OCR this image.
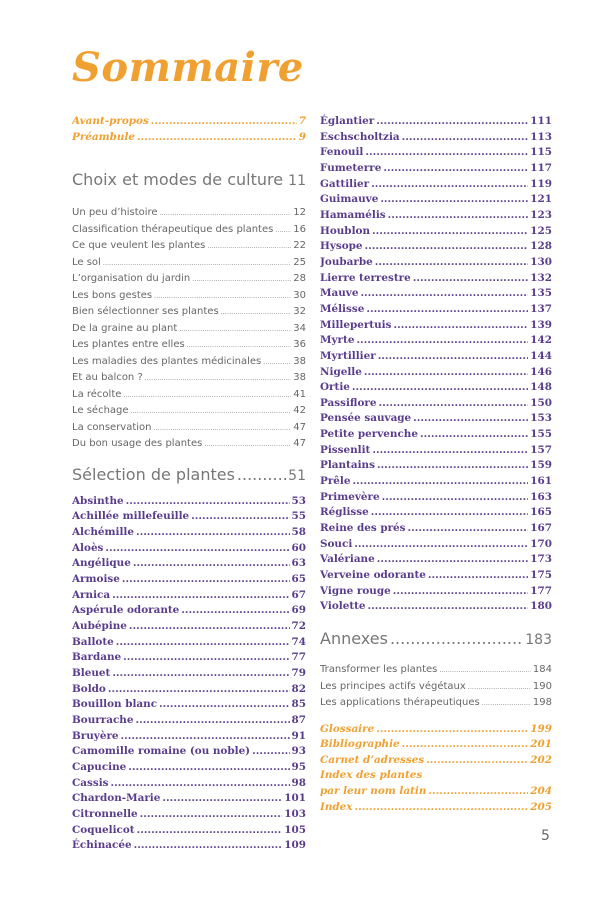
Sommaire
Avant-propos .....	7
Préambule .....	9
Choix et modes de culture ..... 11
Un peu d’histoire .....	12
Classification thérapeutique des plantes ..... 16
Ce que veulent les plantes .....	22
Le sol .....	25
L’organisation du jardin .....	28
Les bons gestes .....	30
Bien sélectionner ses plantes .....	32
De la graine au plant .....	34
Les plantes entre elles .....	36
Les maladies des plantes médicinales .....	38
Et au balcon ? .....	38
La récolte .....	41
Le séchage .....	42
La conservation .....	47
Du bon usage des plantes .....	47
Sélection de plantes .....	51
Absinthe .....	53
Achillée millefeuille .....	55
Alchémille .....	58
Aloès .....	60
Angélique .....	63
Armoise .....	65
Arnica .....	67
Aspérule odorante .....	69
Aubépine .....	72
Ballote .....	74
Bardane .....	77
Bleuet .....	79
Boldo .....	82
Bouillon blanc .....	85
Bourrache .....	87
Bruyère .....	91
Camomille romaine (ou noble) .....	93
Capucine .....	95
Cassis .....	98
Chardon-Marie .....	101
Citronnelle .....	103
Coquelicot .....	105
Échinacée .....	109
Églantier .....	111
Eschscholtzia .....	113
Fenouil .....	115
Fumeterre .....	117
Gattilier .....	119
Guimauve .....	121
Hamamélis .....	123
Houblon .....	125
Hysope .....	128
Joubarbe .....	130
Lierre terrestre .....	132
Mauve .....	135
Mélisse .....	137
Millepertuis .....	139
Myrte .....	142
Myrtillier .....	144
Nigelle .....	146
Ortie .....	148
Passiflore .....	150
Pensée sauvage .....	153
Petite pervenche .....	155
Pissenlit .....	157
Plantains .....	159
Prêle .....	161
Primevère .....	163
Réglisse .....	165
Reine des prés .....	167
Souci .....	170
Valériane .....	173
Verveine odorante .....	175
Vigne rouge .....	177
Violette .....	180
Annexes .....	183
Transformer les plantes .....	184
Les principes actifs végétaux .....	190
Les applications thérapeutiques .....	198
Glossaire .....	199
Bibliographie .....	201
Carnet d’adresses .....	202
Index des plantes
par leur nom latin .....	204
Index .....	205
5
